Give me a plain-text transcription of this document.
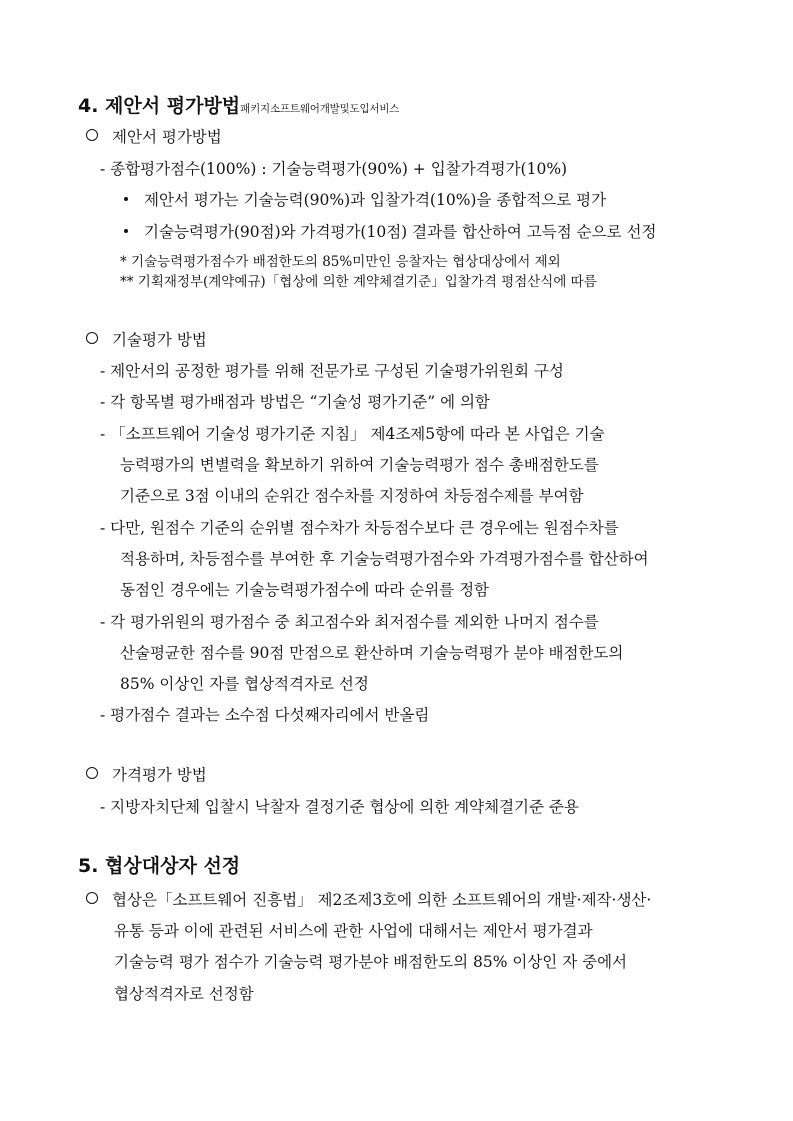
4. 제안서 평가방법패키지소프트웨어개발및도입서비스
제안서 평가방법
- 종합평가점수(100%) : 기술능력평가(90%) + 입찰가격평가(10%)
제안서 평가는 기술능력(90%)과 입찰가격(10%)을 종합적으로 평가
기술능력평가(90점)와 가격평가(10점) 결과를 합산하여 고득점 순으로 선정
* 기술능력평가점수가 배점한도의 85%미만인 응찰자는 협상대상에서 제외
** 기획재정부(계약예규)「협상에 의한 계약체결기준」입찰가격 평점산식에 따름
기술평가 방법
- 제안서의 공정한 평가를 위해 전문가로 구성된 기술평가위원회 구성
- 각 항목별 평가배점과 방법은 “기술성 평가기준” 에 의함
- 「소프트웨어 기술성 평가기준 지침」 제4조제5항에 따라 본 사업은 기술
능력평가의 변별력을 확보하기 위하여 기술능력평가 점수 총배점한도를
기준으로 3점 이내의 순위간 점수차를 지정하여 차등점수제를 부여함
- 다만, 원점수 기준의 순위별 점수차가 차등점수보다 큰 경우에는 원점수차를
적용하며, 차등점수를 부여한 후 기술능력평가점수와 가격평가점수를 합산하여
동점인 경우에는 기술능력평가점수에 따라 순위를 정함
- 각 평가위원의 평가점수 중 최고점수와 최저점수를 제외한 나머지 점수를
산술평균한 점수를 90점 만점으로 환산하며 기술능력평가 분야 배점한도의
85% 이상인 자를 협상적격자로 선정
- 평가점수 결과는 소수점 다섯째자리에서 반올림
가격평가 방법
- 지방자치단체 입찰시 낙찰자 결정기준 협상에 의한 계약체결기준 준용
5. 협상대상자 선정
협상은「소프트웨어 진흥법」 제2조제3호에 의한 소프트웨어의 개발·제작·생산·
유통 등과 이에 관련된 서비스에 관한 사업에 대해서는 제안서 평가결과
기술능력 평가 점수가 기술능력 평가분야 배점한도의 85% 이상인 자 중에서
협상적격자로 선정함
